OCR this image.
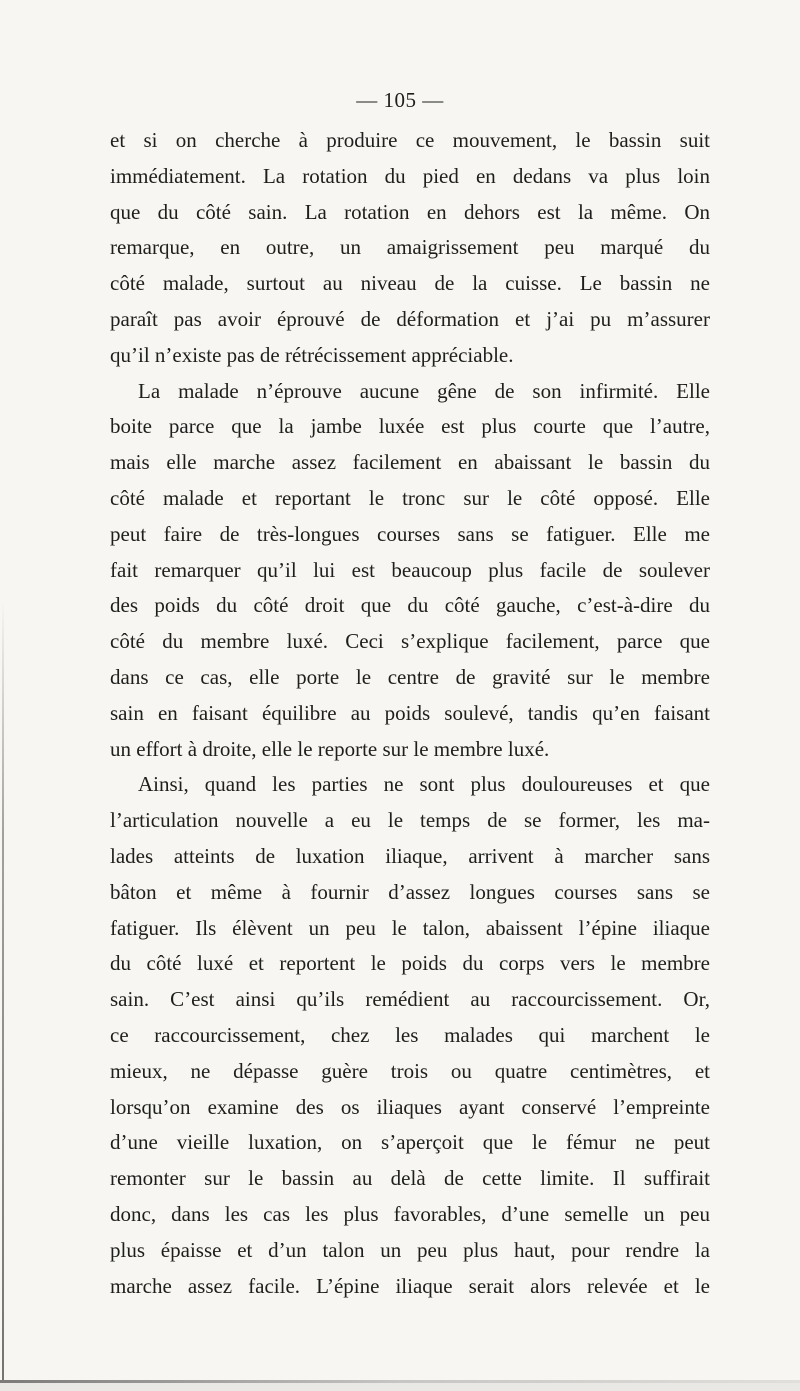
— 105 —
et si on cherche à produire ce mouvement, le bassin suit
immédiatement. La rotation du pied en dedans va plus loin
que du côté sain. La rotation en dehors est la même. On
remarque, en outre, un amaigrissement peu marqué du
côté malade, surtout au niveau de la cuisse. Le bassin ne
paraît pas avoir éprouvé de déformation et j’ai pu m’assurer
qu’il n’existe pas de rétrécissement appréciable.
La malade n’éprouve aucune gêne de son infirmité. Elle
boite parce que la jambe luxée est plus courte que l’autre,
mais elle marche assez facilement en abaissant le bassin du
côté malade et reportant le tronc sur le côté opposé. Elle
peut faire de très-longues courses sans se fatiguer. Elle me
fait remarquer qu’il lui est beaucoup plus facile de soulever
des poids du côté droit que du côté gauche, c’est-à-dire du
côté du membre luxé. Ceci s’explique facilement, parce que
dans ce cas, elle porte le centre de gravité sur le membre
sain en faisant équilibre au poids soulevé, tandis qu’en faisant
un effort à droite, elle le reporte sur le membre luxé.
Ainsi, quand les parties ne sont plus douloureuses et que
l’articulation nouvelle a eu le temps de se former, les ma-
lades atteints de luxation iliaque, arrivent à marcher sans
bâton et même à fournir d’assez longues courses sans se
fatiguer. Ils élèvent un peu le talon, abaissent l’épine iliaque
du côté luxé et reportent le poids du corps vers le membre
sain. C’est ainsi qu’ils remédient au raccourcissement. Or,
ce raccourcissement, chez les malades qui marchent le
mieux, ne dépasse guère trois ou quatre centimètres, et
lorsqu’on examine des os iliaques ayant conservé l’empreinte
d’une vieille luxation, on s’aperçoit que le fémur ne peut
remonter sur le bassin au delà de cette limite. Il suffirait
donc, dans les cas les plus favorables, d’une semelle un peu
plus épaisse et d’un talon un peu plus haut, pour rendre la
marche assez facile. L’épine iliaque serait alors relevée et le
